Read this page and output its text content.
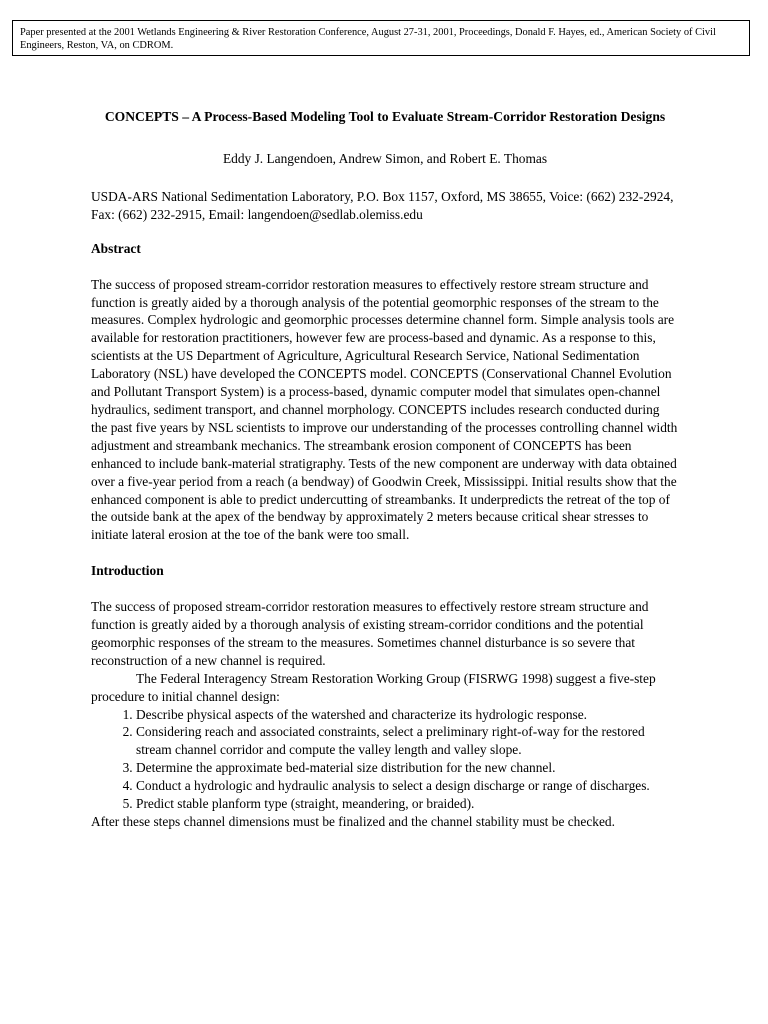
Paper presented at the 2001 Wetlands Engineering & River Restoration Conference, August 27-31, 2001, Proceedings, Donald F. Hayes, ed., American Society of Civil Engineers, Reston, VA, on CDROM.

CONCEPTS – A Process-Based Modeling Tool to Evaluate Stream-Corridor Restoration Designs

Eddy J. Langendoen, Andrew Simon, and Robert E. Thomas

USDA-ARS National Sedimentation Laboratory, P.O. Box 1157, Oxford, MS 38655, Voice: (662) 232-2924, Fax: (662) 232-2915, Email: langendoen@sedlab.olemiss.edu

Abstract

The success of proposed stream-corridor restoration measures to effectively restore stream structure and function is greatly aided by a thorough analysis of the potential geomorphic responses of the stream to the measures. Complex hydrologic and geomorphic processes determine channel form. Simple analysis tools are available for restoration practitioners, however few are process-based and dynamic. As a response to this, scientists at the US Department of Agriculture, Agricultural Research Service, National Sedimentation Laboratory (NSL) have developed the CONCEPTS model. CONCEPTS (Conservational Channel Evolution and Pollutant Transport System) is a process-based, dynamic computer model that simulates open-channel hydraulics, sediment transport, and channel morphology. CONCEPTS includes research conducted during the past five years by NSL scientists to improve our understanding of the processes controlling channel width adjustment and streambank mechanics. The streambank erosion component of CONCEPTS has been enhanced to include bank-material stratigraphy. Tests of the new component are underway with data obtained over a five-year period from a reach (a bendway) of Goodwin Creek, Mississippi. Initial results show that the enhanced component is able to predict undercutting of streambanks. It underpredicts the retreat of the top of the outside bank at the apex of the bendway by approximately 2 meters because critical shear stresses to initiate lateral erosion at the toe of the bank were too small.

Introduction

The success of proposed stream-corridor restoration measures to effectively restore stream structure and function is greatly aided by a thorough analysis of existing stream-corridor conditions and the potential geomorphic responses of the stream to the measures. Sometimes channel disturbance is so severe that reconstruction of a new channel is required.

The Federal Interagency Stream Restoration Working Group (FISRWG 1998) suggest a five-step procedure to initial channel design:

1. Describe physical aspects of the watershed and characterize its hydrologic response.
2. Considering reach and associated constraints, select a preliminary right-of-way for the restored stream channel corridor and compute the valley length and valley slope.
3. Determine the approximate bed-material size distribution for the new channel.
4. Conduct a hydrologic and hydraulic analysis to select a design discharge or range of discharges.
5. Predict stable planform type (straight, meandering, or braided).

After these steps channel dimensions must be finalized and the channel stability must be checked.
